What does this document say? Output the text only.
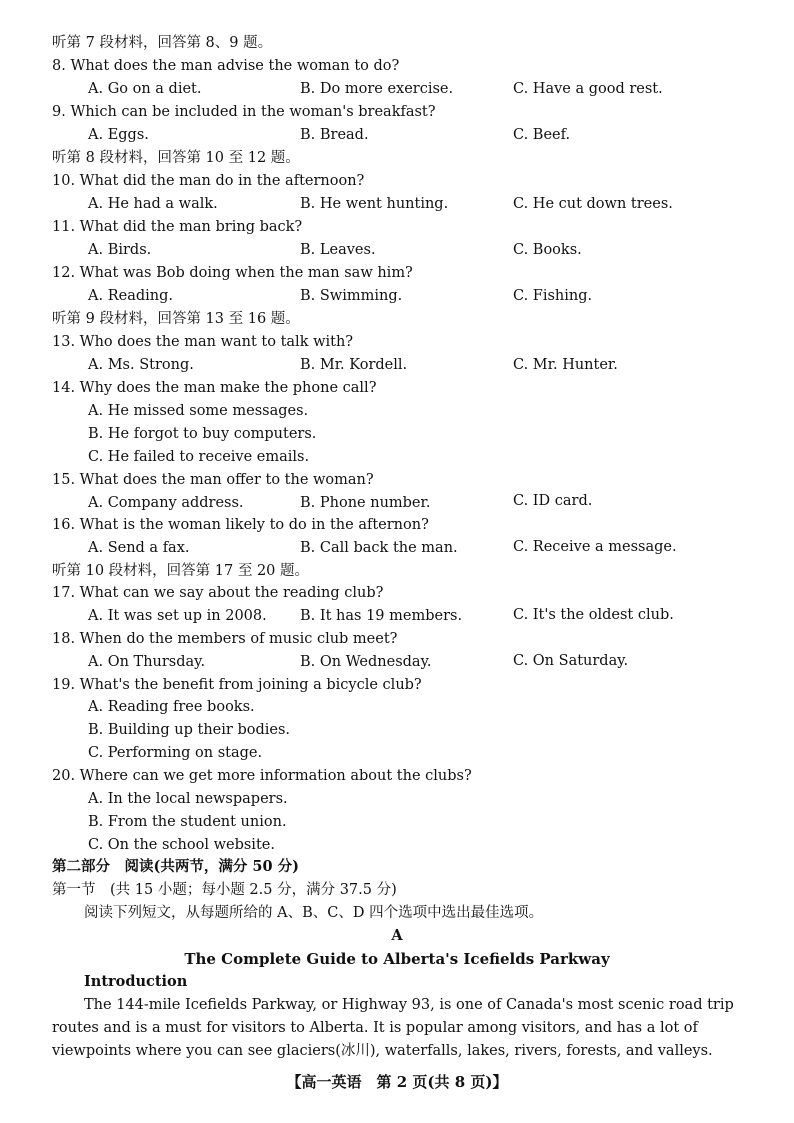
听第 7 段材料，回答第 8、9 题。
8. What does the man advise the woman to do?
A. Go on a diet.	B. Do more exercise.	C. Have a good rest.
9. Which can be included in the woman's breakfast?
A. Eggs.	B. Bread.	C. Beef.
听第 8 段材料，回答第 10 至 12 题。
10. What did the man do in the afternoon?
A. He had a walk.	B. He went hunting.	C. He cut down trees.
11. What did the man bring back?
A. Birds.	B. Leaves.	C. Books.
12. What was Bob doing when the man saw him?
A. Reading.	B. Swimming.	C. Fishing.
听第 9 段材料，回答第 13 至 16 题。
13. Who does the man want to talk with?
A. Ms. Strong.	B. Mr. Kordell.	C. Mr. Hunter.
14. Why does the man make the phone call?
A. He missed some messages.
B. He forgot to buy computers.
C. He failed to receive emails.
15. What does the man offer to the woman?
A. Company address.	B. Phone number.	C. ID card.
16. What is the woman likely to do in the afternon?
A. Send a fax.	B. Call back the man.	C. Receive a message.
听第 10 段材料，回答第 17 至 20 题。
17. What can we say about the reading club?
A. It was set up in 2008. B. It has 19 members.	C. It's the oldest club.
18. When do the members of music club meet?
A. On Thursday.	B. On Wednesday.	C. On Saturday.
19. What's the benefit from joining a bicycle club?
A. Reading free books.
B. Building up their bodies.
C. Performing on stage.
20. Where can we get more information about the clubs?
A. In the local newspapers.
B. From the student union.
C. On the school website.
第二部分　阅读(共两节，满分 50 分)
第一节　(共 15 小题；每小题 2.5 分，满分 37.5 分)
阅读下列短文，从每题所给的 A、B、C、D 四个选项中选出最佳选项。
A
The Complete Guide to Alberta's Icefields Parkway
Introduction
The 144-mile Icefields Parkway, or Highway 93, is one of Canada's most scenic road trip
routes and is a must for visitors to Alberta. It is popular among visitors, and has a lot of
viewpoints where you can see glaciers(冰川), waterfalls, lakes, rivers, forests, and valleys.
【高一英语　第 2 页(共 8 页)】
